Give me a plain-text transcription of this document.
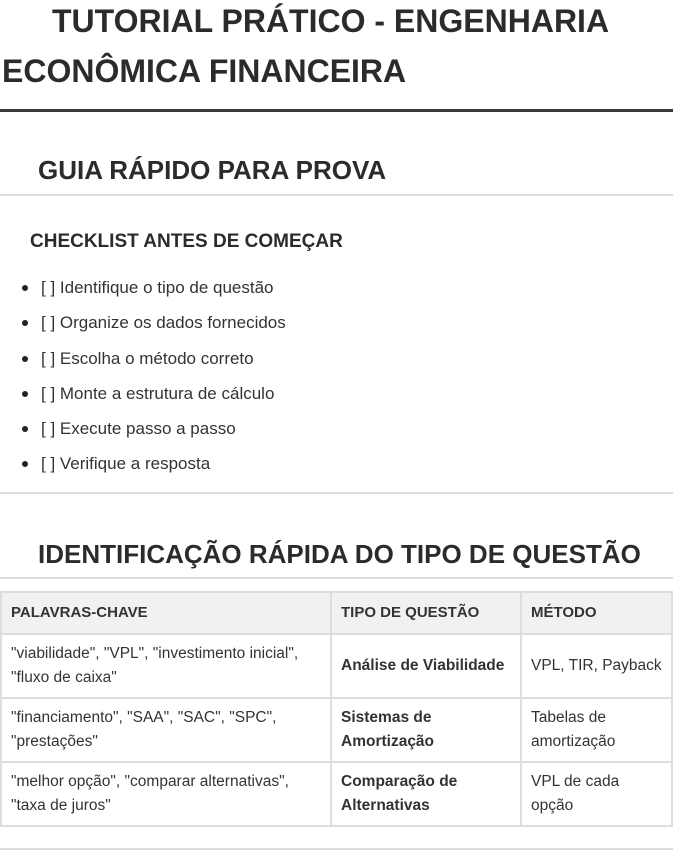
TUTORIAL PRÁTICO - ENGENHARIA ECONÔMICA FINANCEIRA
GUIA RÁPIDO PARA PROVA
CHECKLIST ANTES DE COMEÇAR
[ ] Identifique o tipo de questão
[ ] Organize os dados fornecidos
[ ] Escolha o método correto
[ ] Monte a estrutura de cálculo
[ ] Execute passo a passo
[ ] Verifique a resposta
IDENTIFICAÇÃO RÁPIDA DO TIPO DE QUESTÃO
PALAVRAS-CHAVE	TIPO DE QUESTÃO	MÉTODO
"viabilidade", "VPL", "investimento inicial", "fluxo de caixa"	Análise de Viabilidade	VPL, TIR, Payback
"financiamento", "SAA", "SAC", "SPC", "prestações"	Sistemas de Amortização	Tabelas de amortização
"melhor opção", "comparar alternativas", "taxa de juros"	Comparação de Alternativas	VPL de cada opção
